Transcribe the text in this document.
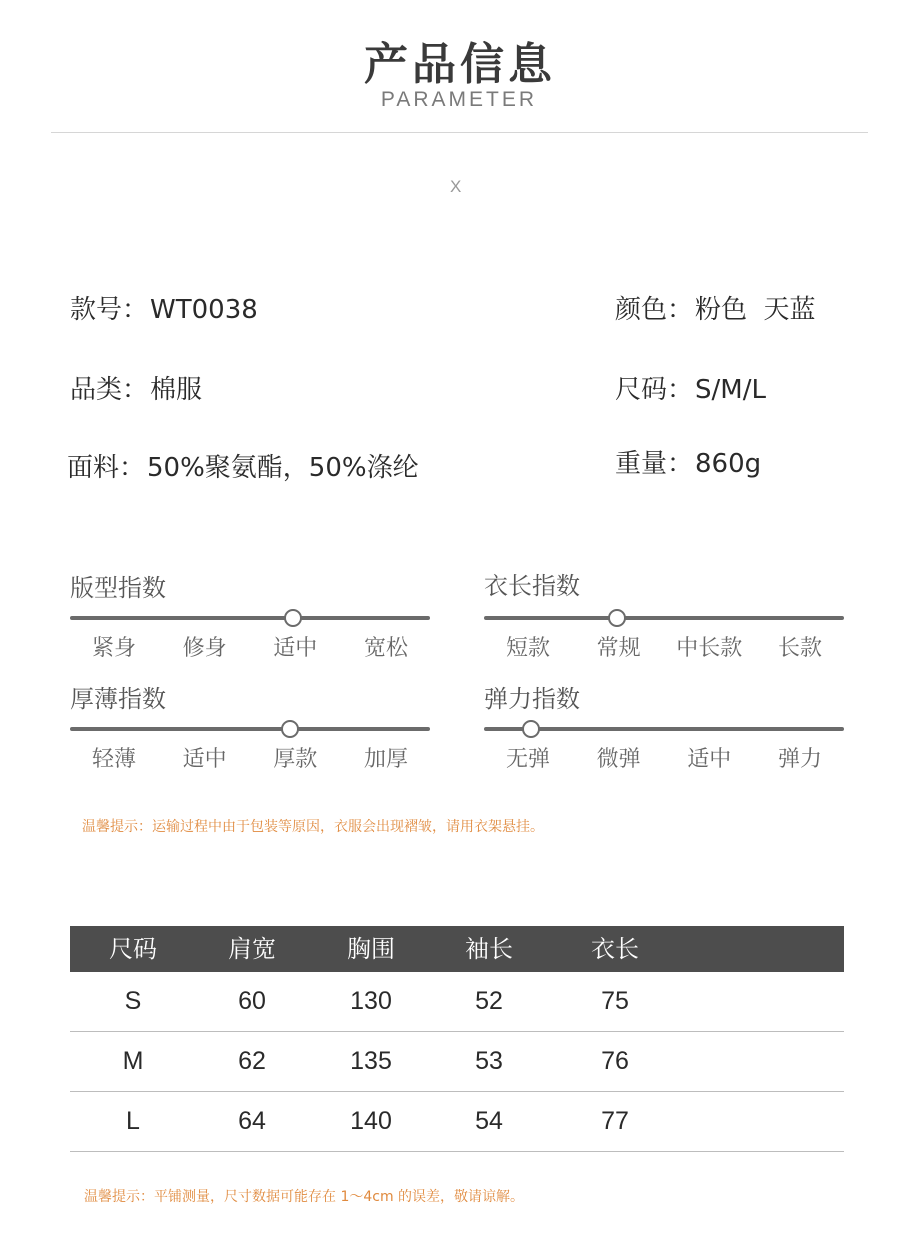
产品信息
PARAMETER
X
款号：WT0038	颜色：粉色  天蓝
品类：棉服	尺码：S/M/L
面料：50%聚氨酯，50%涤纶	重量：860g
版型指数
紧身	修身	适中	宽松
衣长指数
短款	常规	中长款	长款
厚薄指数
轻薄	适中	厚款	加厚
弹力指数
无弹	微弹	适中	弹力
温馨提示：运输过程中由于包装等原因，衣服会出现褶皱，请用衣架悬挂。
尺码	肩宽	胸围	袖长	衣长
S	60	130	52	75
M	62	135	53	76
L	64	140	54	77
温馨提示：平铺测量，尺寸数据可能存在 1～4cm 的误差，敬请谅解。
